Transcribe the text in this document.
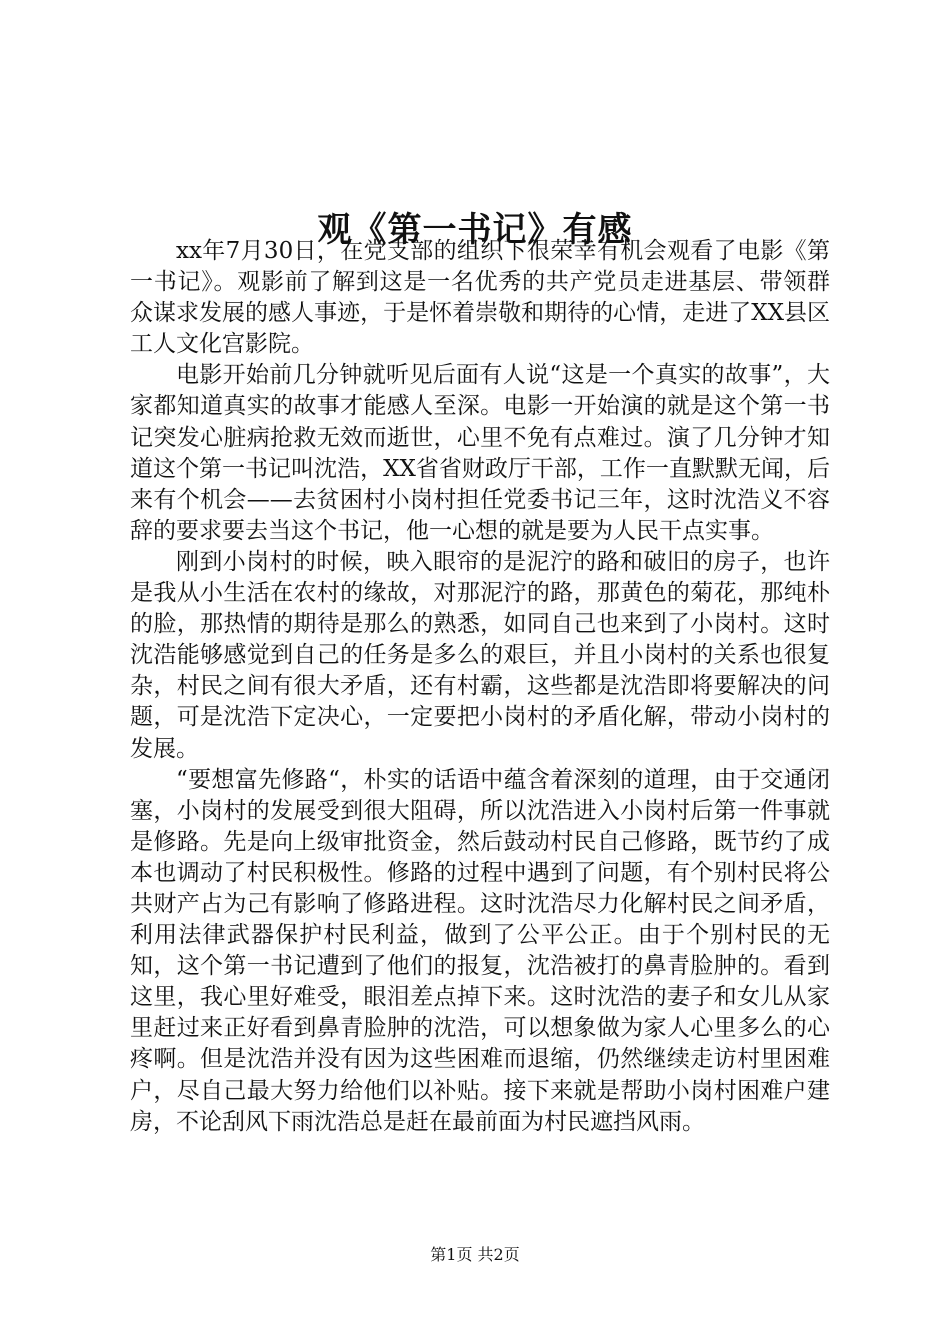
观《第一书记》有感

xx年7月30日，在党支部的组织下很荣幸有机会观看了电影《第一书记》。观影前了解到这是一名优秀的共产党员走进基层、带领群众谋求发展的感人事迹，于是怀着崇敬和期待的心情，走进了XX县区工人文化宫影院。

电影开始前几分钟就听见后面有人说“这是一个真实的故事”，大家都知道真实的故事才能感人至深。电影一开始演的就是这个第一书记突发心脏病抢救无效而逝世，心里不免有点难过。演了几分钟才知道这个第一书记叫沈浩，XX省省财政厅干部，工作一直默默无闻，后来有个机会——去贫困村小岗村担任党委书记三年，这时沈浩义不容辞的要求要去当这个书记，他一心想的就是要为人民干点实事。

刚到小岗村的时候，映入眼帘的是泥泞的路和破旧的房子，也许是我从小生活在农村的缘故，对那泥泞的路，那黄色的菊花，那纯朴的脸，那热情的期待是那么的熟悉，如同自己也来到了小岗村。这时沈浩能够感觉到自己的任务是多么的艰巨，并且小岗村的关系也很复杂，村民之间有很大矛盾，还有村霸，这些都是沈浩即将要解决的问题，可是沈浩下定决心，一定要把小岗村的矛盾化解，带动小岗村的发展。

“要想富先修路“，朴实的话语中蕴含着深刻的道理，由于交通闭塞，小岗村的发展受到很大阻碍，所以沈浩进入小岗村后第一件事就是修路。先是向上级审批资金，然后鼓动村民自己修路，既节约了成本也调动了村民积极性。修路的过程中遇到了问题，有个别村民将公共财产占为己有影响了修路进程。这时沈浩尽力化解村民之间矛盾，利用法律武器保护村民利益，做到了公平公正。由于个别村民的无知，这个第一书记遭到了他们的报复，沈浩被打的鼻青脸肿的。看到这里，我心里好难受，眼泪差点掉下来。这时沈浩的妻子和女儿从家里赶过来正好看到鼻青脸肿的沈浩，可以想象做为家人心里多么的心疼啊。但是沈浩并没有因为这些困难而退缩，仍然继续走访村里困难户，尽自己最大努力给他们以补贴。接下来就是帮助小岗村困难户建房，不论刮风下雨沈浩总是赶在最前面为村民遮挡风雨。

第1页 共2页
